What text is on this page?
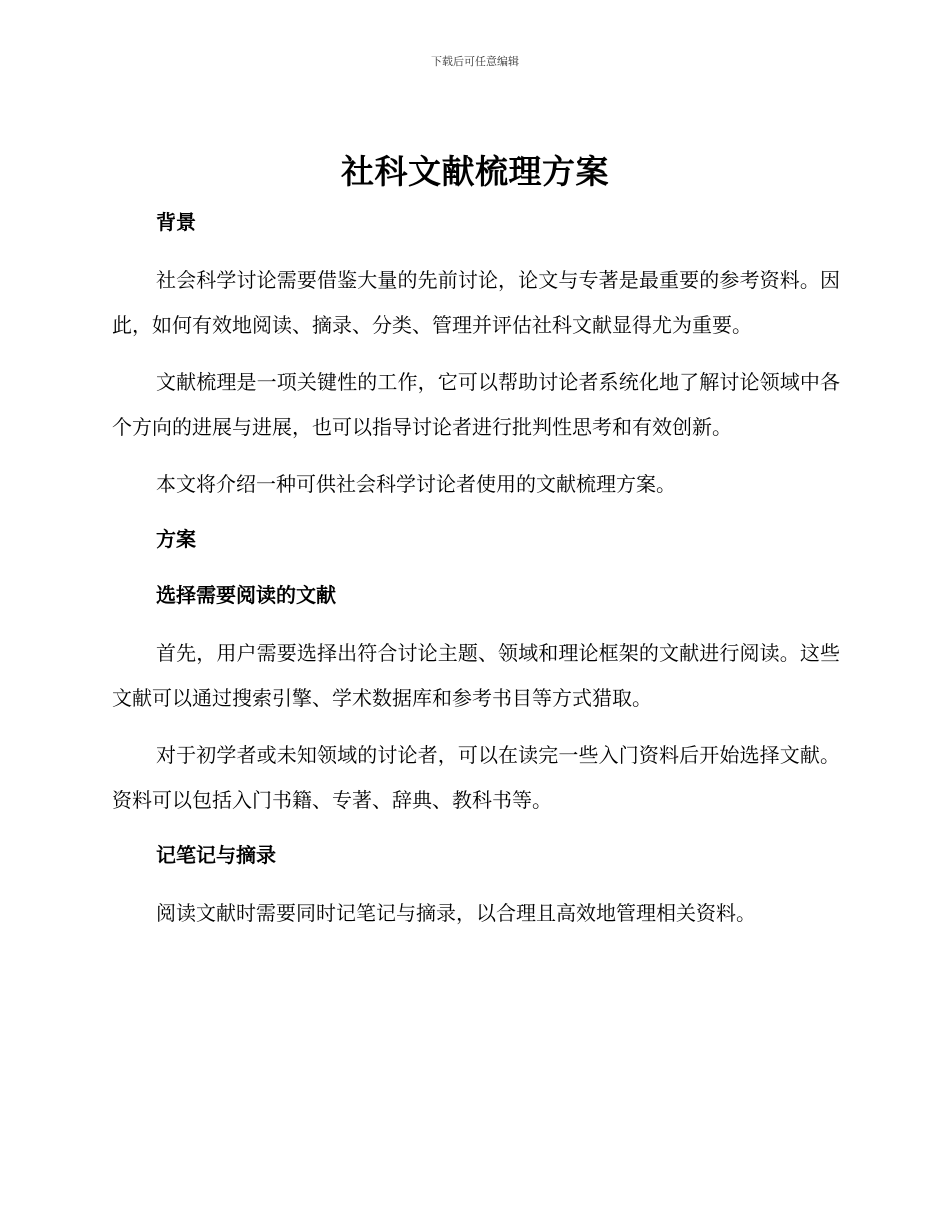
下载后可任意编辑
社科文献梳理方案
背景

社会科学讨论需要借鉴大量的先前讨论，论文与专著是最重要的参考资料。因此，如何有效地阅读、摘录、分类、管理并评估社科文献显得尤为重要。

文献梳理是一项关键性的工作，它可以帮助讨论者系统化地了解讨论领域中各个方向的进展与进展，也可以指导讨论者进行批判性思考和有效创新。

本文将介绍一种可供社会科学讨论者使用的文献梳理方案。

方案
选择需要阅读的文献

首先，用户需要选择出符合讨论主题、领域和理论框架的文献进行阅读。这些文献可以通过搜索引擎、学术数据库和参考书目等方式猎取。

对于初学者或未知领域的讨论者，可以在读完一些入门资料后开始选择文献。资料可以包括入门书籍、专著、辞典、教科书等。

记笔记与摘录

阅读文献时需要同时记笔记与摘录，以合理且高效地管理相关资料。
